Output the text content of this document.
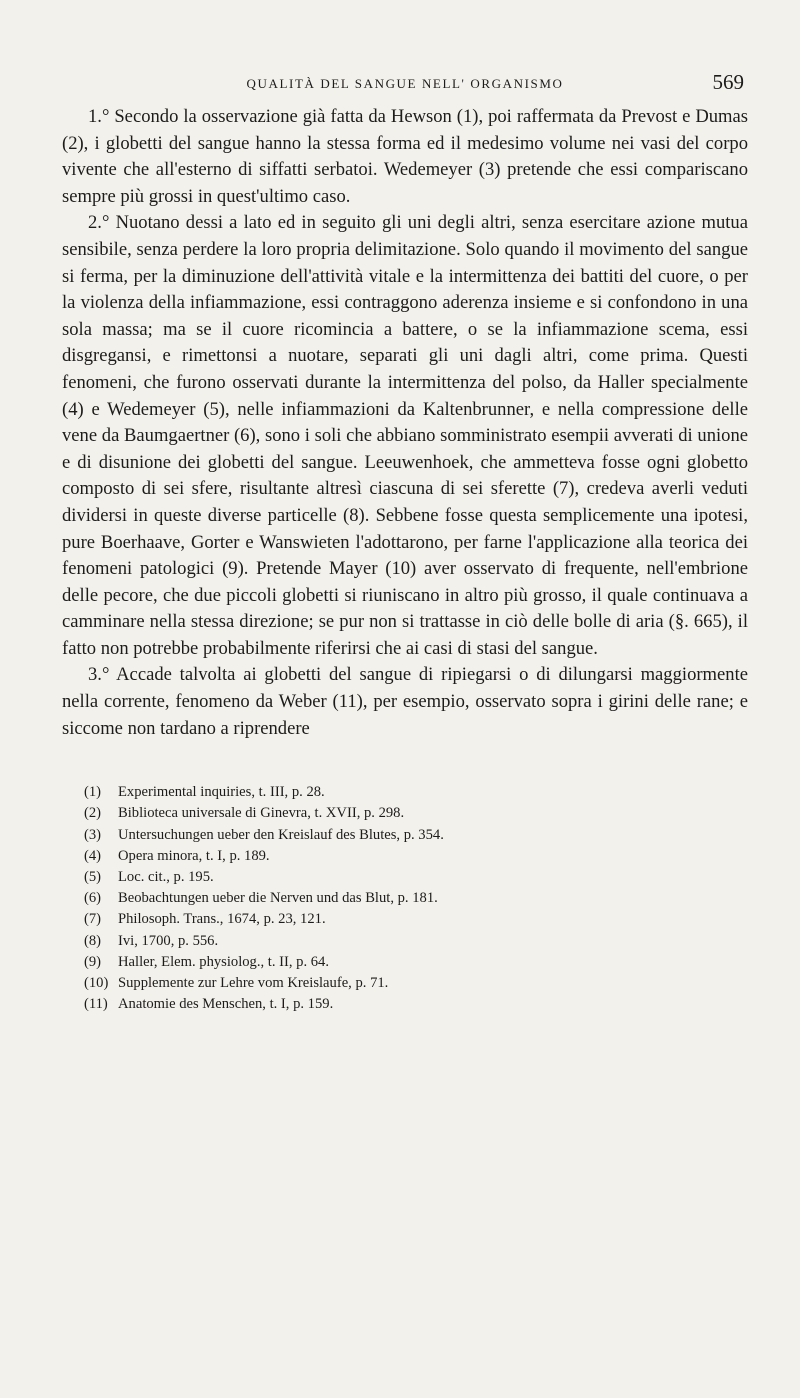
QUALITÀ DEL SANGUE NELL' ORGANISMO	569

1.° Secondo la osservazione già fatta da Hewson (1), poi raffermata da Prevost e Dumas (2), i globetti del sangue hanno la stessa forma ed il medesimo volume nei vasi del corpo vivente che all'esterno di siffatti serbatoi. Wedemeyer (3) pretende che essi compariscano sempre più grossi in quest'ultimo caso.

2.° Nuotano dessi a lato ed in seguito gli uni degli altri, senza esercitare azione mutua sensibile, senza perdere la loro propria delimitazione. Solo quando il movimento del sangue si ferma, per la diminuzione dell'attività vitale e la intermittenza dei battiti del cuore, o per la violenza della infiammazione, essi contraggono aderenza insieme e si confondono in una sola massa; ma se il cuore ricomincia a battere, o se la infiammazione scema, essi disgregansi, e rimettonsi a nuotare, separati gli uni dagli altri, come prima. Questi fenomeni, che furono osservati durante la intermittenza del polso, da Haller specialmente (4) e Wedemeyer (5), nelle infiammazioni da Kaltenbrunner, e nella compressione delle vene da Baumgaertner (6), sono i soli che abbiano somministrato esempii avverati di unione e di disunione dei globetti del sangue. Leeuwenhoek, che ammetteva fosse ogni globetto composto di sei sfere, risultante altresì ciascuna di sei sferette (7), credeva averli veduti dividersi in queste diverse particelle (8). Sebbene fosse questa semplicemente una ipotesi, pure Boerhaave, Gorter e Wanswieten l'adottarono, per farne l'applicazione alla teorica dei fenomeni patologici (9). Pretende Mayer (10) aver osservato di frequente, nell'embrione delle pecore, che due piccoli globetti si riuniscano in altro più grosso, il quale continuava a camminare nella stessa direzione; se pur non si trattasse in ciò delle bolle di aria (§. 665), il fatto non potrebbe probabilmente riferirsi che ai casi di stasi del sangue.

3.° Accade talvolta ai globetti del sangue di ripiegarsi o di dilungarsi maggiormente nella corrente, fenomeno da Weber (11), per esempio, osservato sopra i girini delle rane; e siccome non tardano a riprendere

(1)	Experimental inquiries, t. III, p. 28.
(2)	Biblioteca universale di Ginevra, t. XVII, p. 298.
(3)	Untersuchungen ueber den Kreislauf des Blutes, p. 354.
(4)	Opera minora, t. I, p. 189.
(5)	Loc. cit., p. 195.
(6)	Beobachtungen ueber die Nerven und das Blut, p. 181.
(7)	Philosoph. Trans., 1674, p. 23, 121.
(8)	Ivi, 1700, p. 556.
(9)	Haller, Elem. physiolog., t. II, p. 64.
(10) Supplemente zur Lehre vom Kreislaufe, p. 71.
(11) Anatomie des Menschen, t. I, p. 159.
